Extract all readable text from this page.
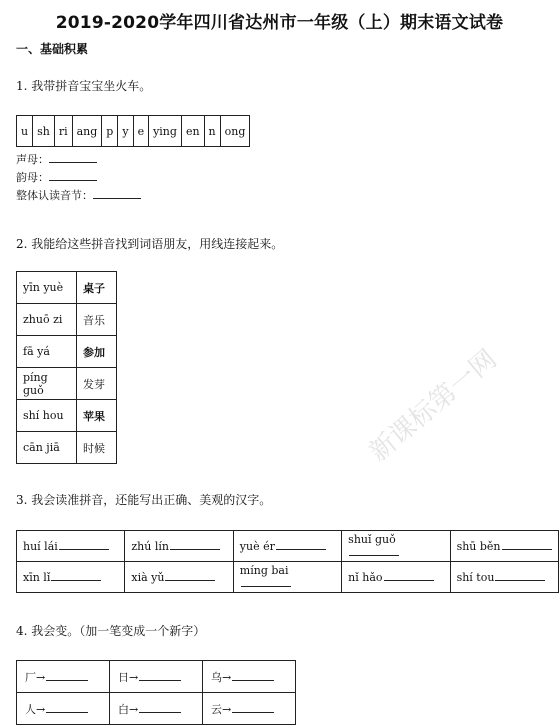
2019-2020学年四川省达州市一年级（上）期末语文试卷
一、基础积累
1. 我带拼音宝宝坐火车。
u	sh	ri	ang	p	y	e	ying	en	n	ong
声母：
韵母：
整体认读音节：
2. 我能给这些拼音找到词语朋友，用线连接起来。
yīn yuè	桌子
zhuō zi	音乐
fā yá	参加
píng guǒ	发芽
shí hou	苹果
cān jiā	时候
3. 我会读准拼音，还能写出正确、美观的汉字。
huí lái	zhú lín	yuè ér	shuǐ guǒ	shū běn
xīn lǐ	xià yǔ	míng bai	nǐ hǎo	shí tou
4. 我会变。（加一笔变成一个新字）
厂→	日→	乌→
人→	白→	云→
新课标第一网
